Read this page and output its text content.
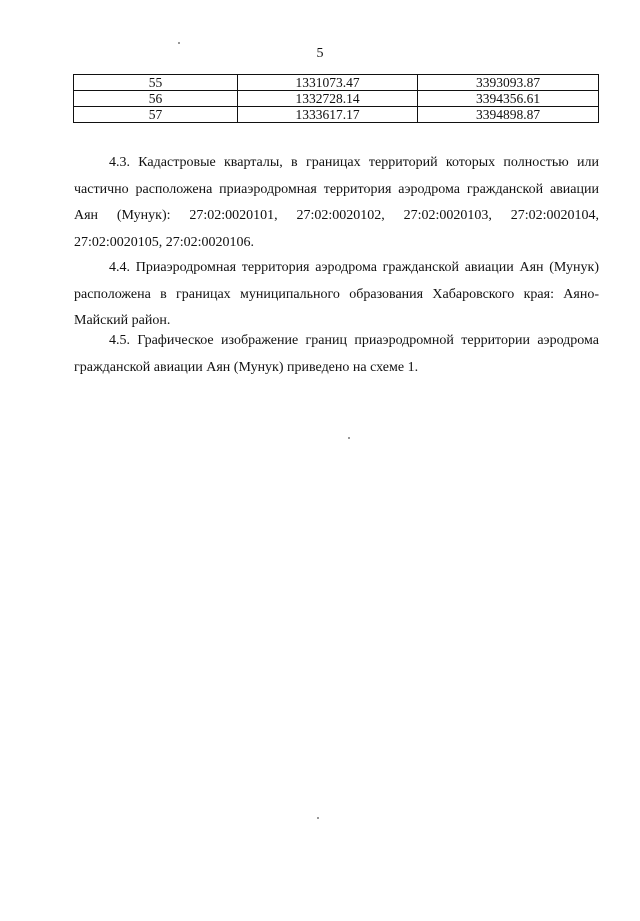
5
55	1331073.47	3393093.87
56	1332728.14	3394356.61
57	1333617.17	3394898.87

4.3. Кадастровые кварталы, в границах территорий которых полностью или частично расположена приаэродромная территория аэродрома гражданской авиации Аян (Мунук): 27:02:0020101, 27:02:0020102, 27:02:0020103, 27:02:0020104, 27:02:0020105, 27:02:0020106.

4.4. Приаэродромная территория аэродрома гражданской авиации Аян (Мунук) расположена в границах муниципального образования Хабаровского края: Аяно-Майский район.

4.5. Графическое изображение границ приаэродромной территории аэродрома гражданской авиации Аян (Мунук) приведено на схеме 1.
